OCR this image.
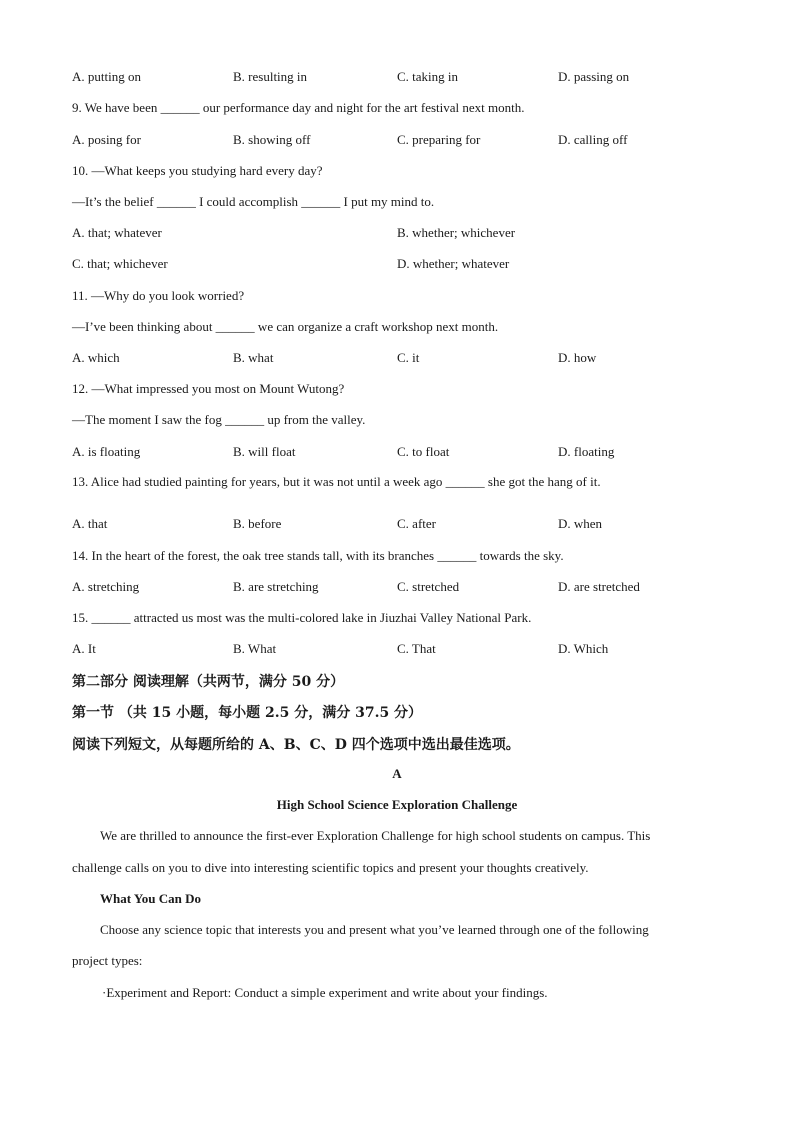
A. putting on	B. resulting in	C. taking in	D. passing on
9. We have been ______ our performance day and night for the art festival next month.
A. posing for	B. showing off	C. preparing for	D. calling off
10. —What keeps you studying hard every day?
—It’s the belief ______ I could accomplish ______ I put my mind to.
A. that; whatever	B. whether; whichever
C. that; whichever	D. whether; whatever
11. —Why do you look worried?
—I’ve been thinking about ______ we can organize a craft workshop next month.
A. which	B. what	C. it	D. how
12. —What impressed you most on Mount Wutong?
—The moment I saw the fog ______ up from the valley.
A. is floating	B. will float	C. to float	D. floating
13. Alice had studied painting for years, but it was not until a week ago ______ she got the hang of it.
A. that	B. before	C. after	D. when
14. In the heart of the forest, the oak tree stands tall, with its branches ______ towards the sky.
A. stretching	B. are stretching	C. stretched	D. are stretched
15. ______ attracted us most was the multi-colored lake in Jiuzhai Valley National Park.
A. It	B. What	C. That	D. Which
第二部分 阅读理解（共两节，满分 50 分）
第一节 （共 15 小题，每小题 2.5 分，满分 37.5 分）
阅读下列短文，从每题所给的 A、B、C、D 四个选项中选出最佳选项。
A
High School Science Exploration Challenge
We are thrilled to announce the first-ever Exploration Challenge for high school students on campus. This
challenge calls on you to dive into interesting scientific topics and present your thoughts creatively.
What You Can Do
Choose any science topic that interests you and present what you’ve learned through one of the following
project types:
·Experiment and Report: Conduct a simple experiment and write about your findings.
